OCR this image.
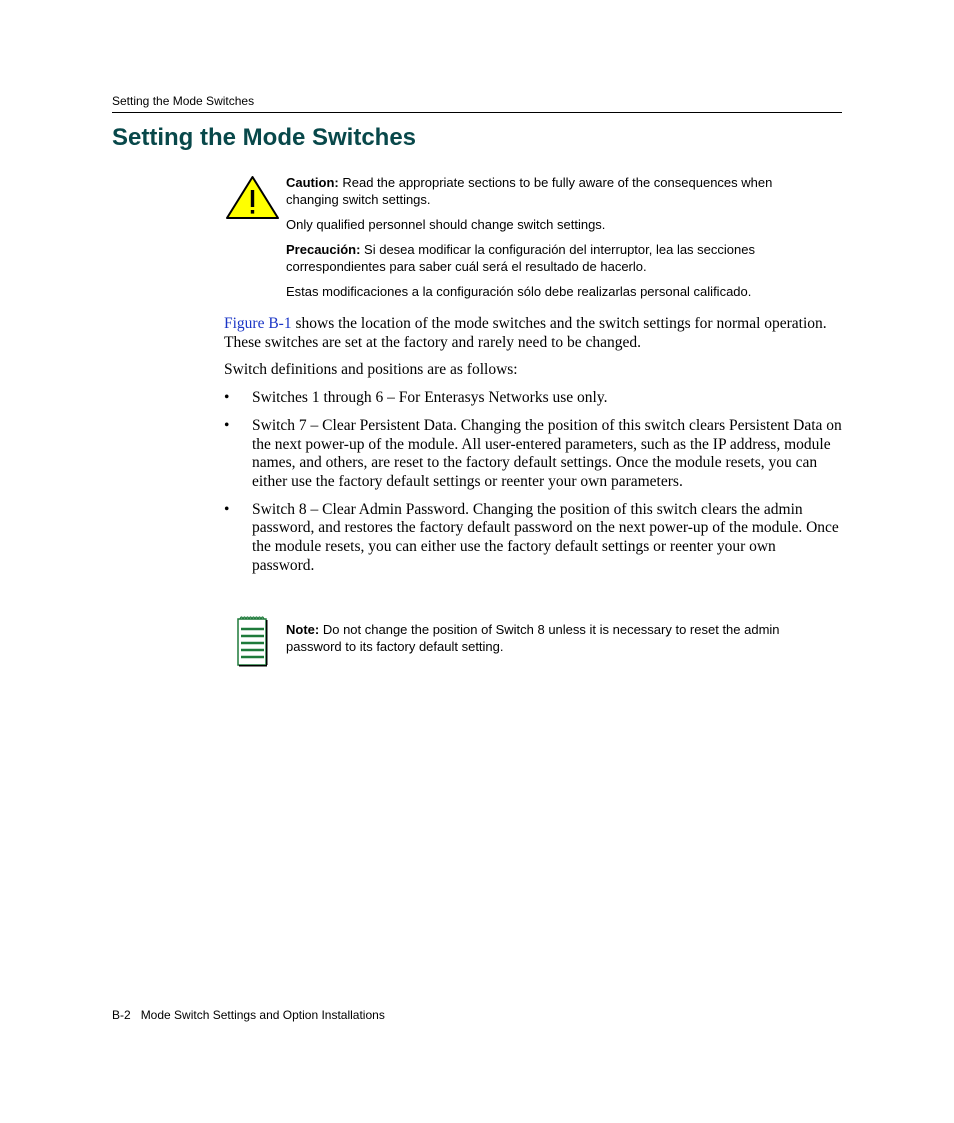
Setting the Mode Switches
Setting the Mode Switches

Caution: Read the appropriate sections to be fully aware of the consequences when changing switch settings.

Only qualified personnel should change switch settings.

Precaución: Si desea modificar la configuración del interruptor, lea las secciones correspondientes para saber cuál será el resultado de hacerlo.

Estas modificaciones a la configuración sólo debe realizarlas personal calificado.

Figure B-1 shows the location of the mode switches and the switch settings for normal operation. These switches are set at the factory and rarely need to be changed.

Switch definitions and positions are as follows:

• Switches 1 through 6 – For Enterasys Networks use only.
• Switch 7 – Clear Persistent Data. Changing the position of this switch clears Persistent Data on the next power-up of the module. All user-entered parameters, such as the IP address, module names, and others, are reset to the factory default settings. Once the module resets, you can either use the factory default settings or reenter your own parameters.
• Switch 8 – Clear Admin Password. Changing the position of this switch clears the admin password, and restores the factory default password on the next power-up of the module. Once the module resets, you can either use the factory default settings or reenter your own password.

Note: Do not change the position of Switch 8 unless it is necessary to reset the admin password to its factory default setting.

B-2 Mode Switch Settings and Option Installations
